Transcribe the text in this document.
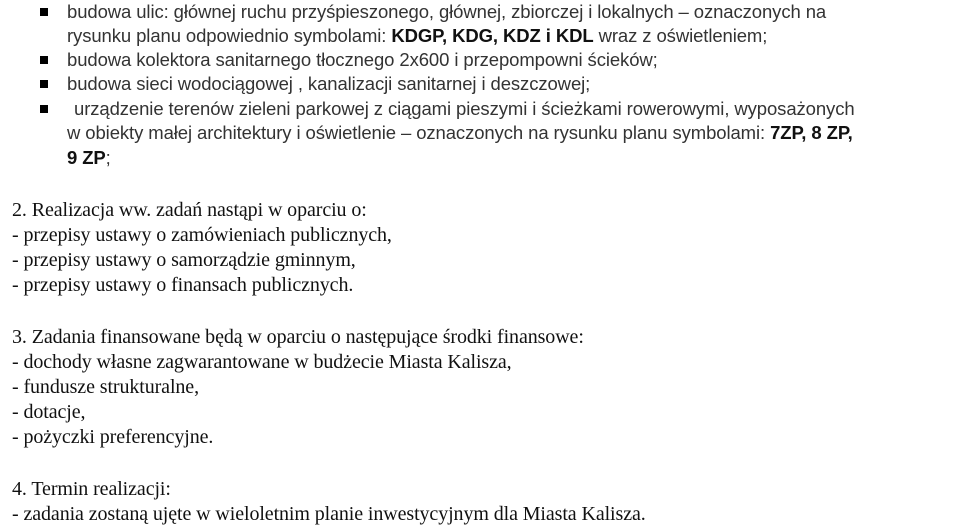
budowa ulic: głównej ruchu przyśpieszonego, głównej, zbiorczej i lokalnych – oznaczonych na

rysunku planu odpowiednio symbolami: KDGP, KDG, KDZ i KDL wraz z oświetleniem;

budowa kolektora sanitarnego tłocznego 2x600 i przepompowni ścieków;

budowa sieci wodociągowej , kanalizacji sanitarnej i deszczowej;

urządzenie terenów zieleni parkowej z ciągami pieszymi i ścieżkami rowerowymi, wyposażonych

w obiekty małej architektury i oświetlenie – oznaczonych na rysunku planu symbolami: 7ZP, 8 ZP,

9 ZP;

2. Realizacja ww. zadań nastąpi w oparciu o:

- przepisy ustawy o zamówieniach publicznych,

- przepisy ustawy o samorządzie gminnym,

- przepisy ustawy o finansach publicznych.

3. Zadania finansowane będą w oparciu o następujące środki finansowe:

- dochody własne zagwarantowane w budżecie Miasta Kalisza,

- fundusze strukturalne,

- dotacje,

- pożyczki preferencyjne.

4. Termin realizacji:

- zadania zostaną ujęte w wieloletnim planie inwestycyjnym dla Miasta Kalisza.
